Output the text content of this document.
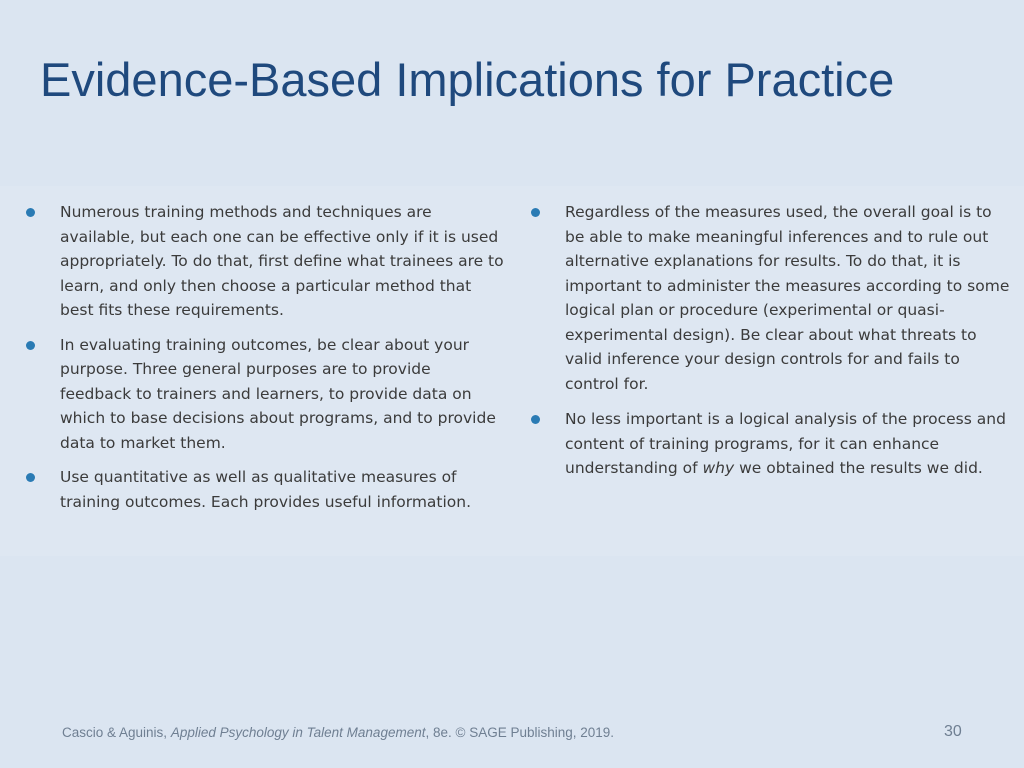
Evidence-Based Implications for Practice
Numerous training methods and techniques are available, but each one can be effective only if it is used appropriately. To do that, first define what trainees are to learn, and only then choose a particular method that best fits these requirements.
In evaluating training outcomes, be clear about your purpose. Three general purposes are to provide feedback to trainers and learners, to provide data on which to base decisions about programs, and to provide data to market them.
Use quantitative as well as qualitative measures of training outcomes. Each provides useful information.
Regardless of the measures used, the overall goal is to be able to make meaningful inferences and to rule out alternative explanations for results. To do that, it is important to administer the measures according to some logical plan or procedure (experimental or quasi-experimental design). Be clear about what threats to valid inference your design controls for and fails to control for.
No less important is a logical analysis of the process and content of training programs, for it can enhance understanding of why we obtained the results we did.
Cascio & Aguinis, Applied Psychology in Talent Management, 8e. © SAGE Publishing, 2019.	30
